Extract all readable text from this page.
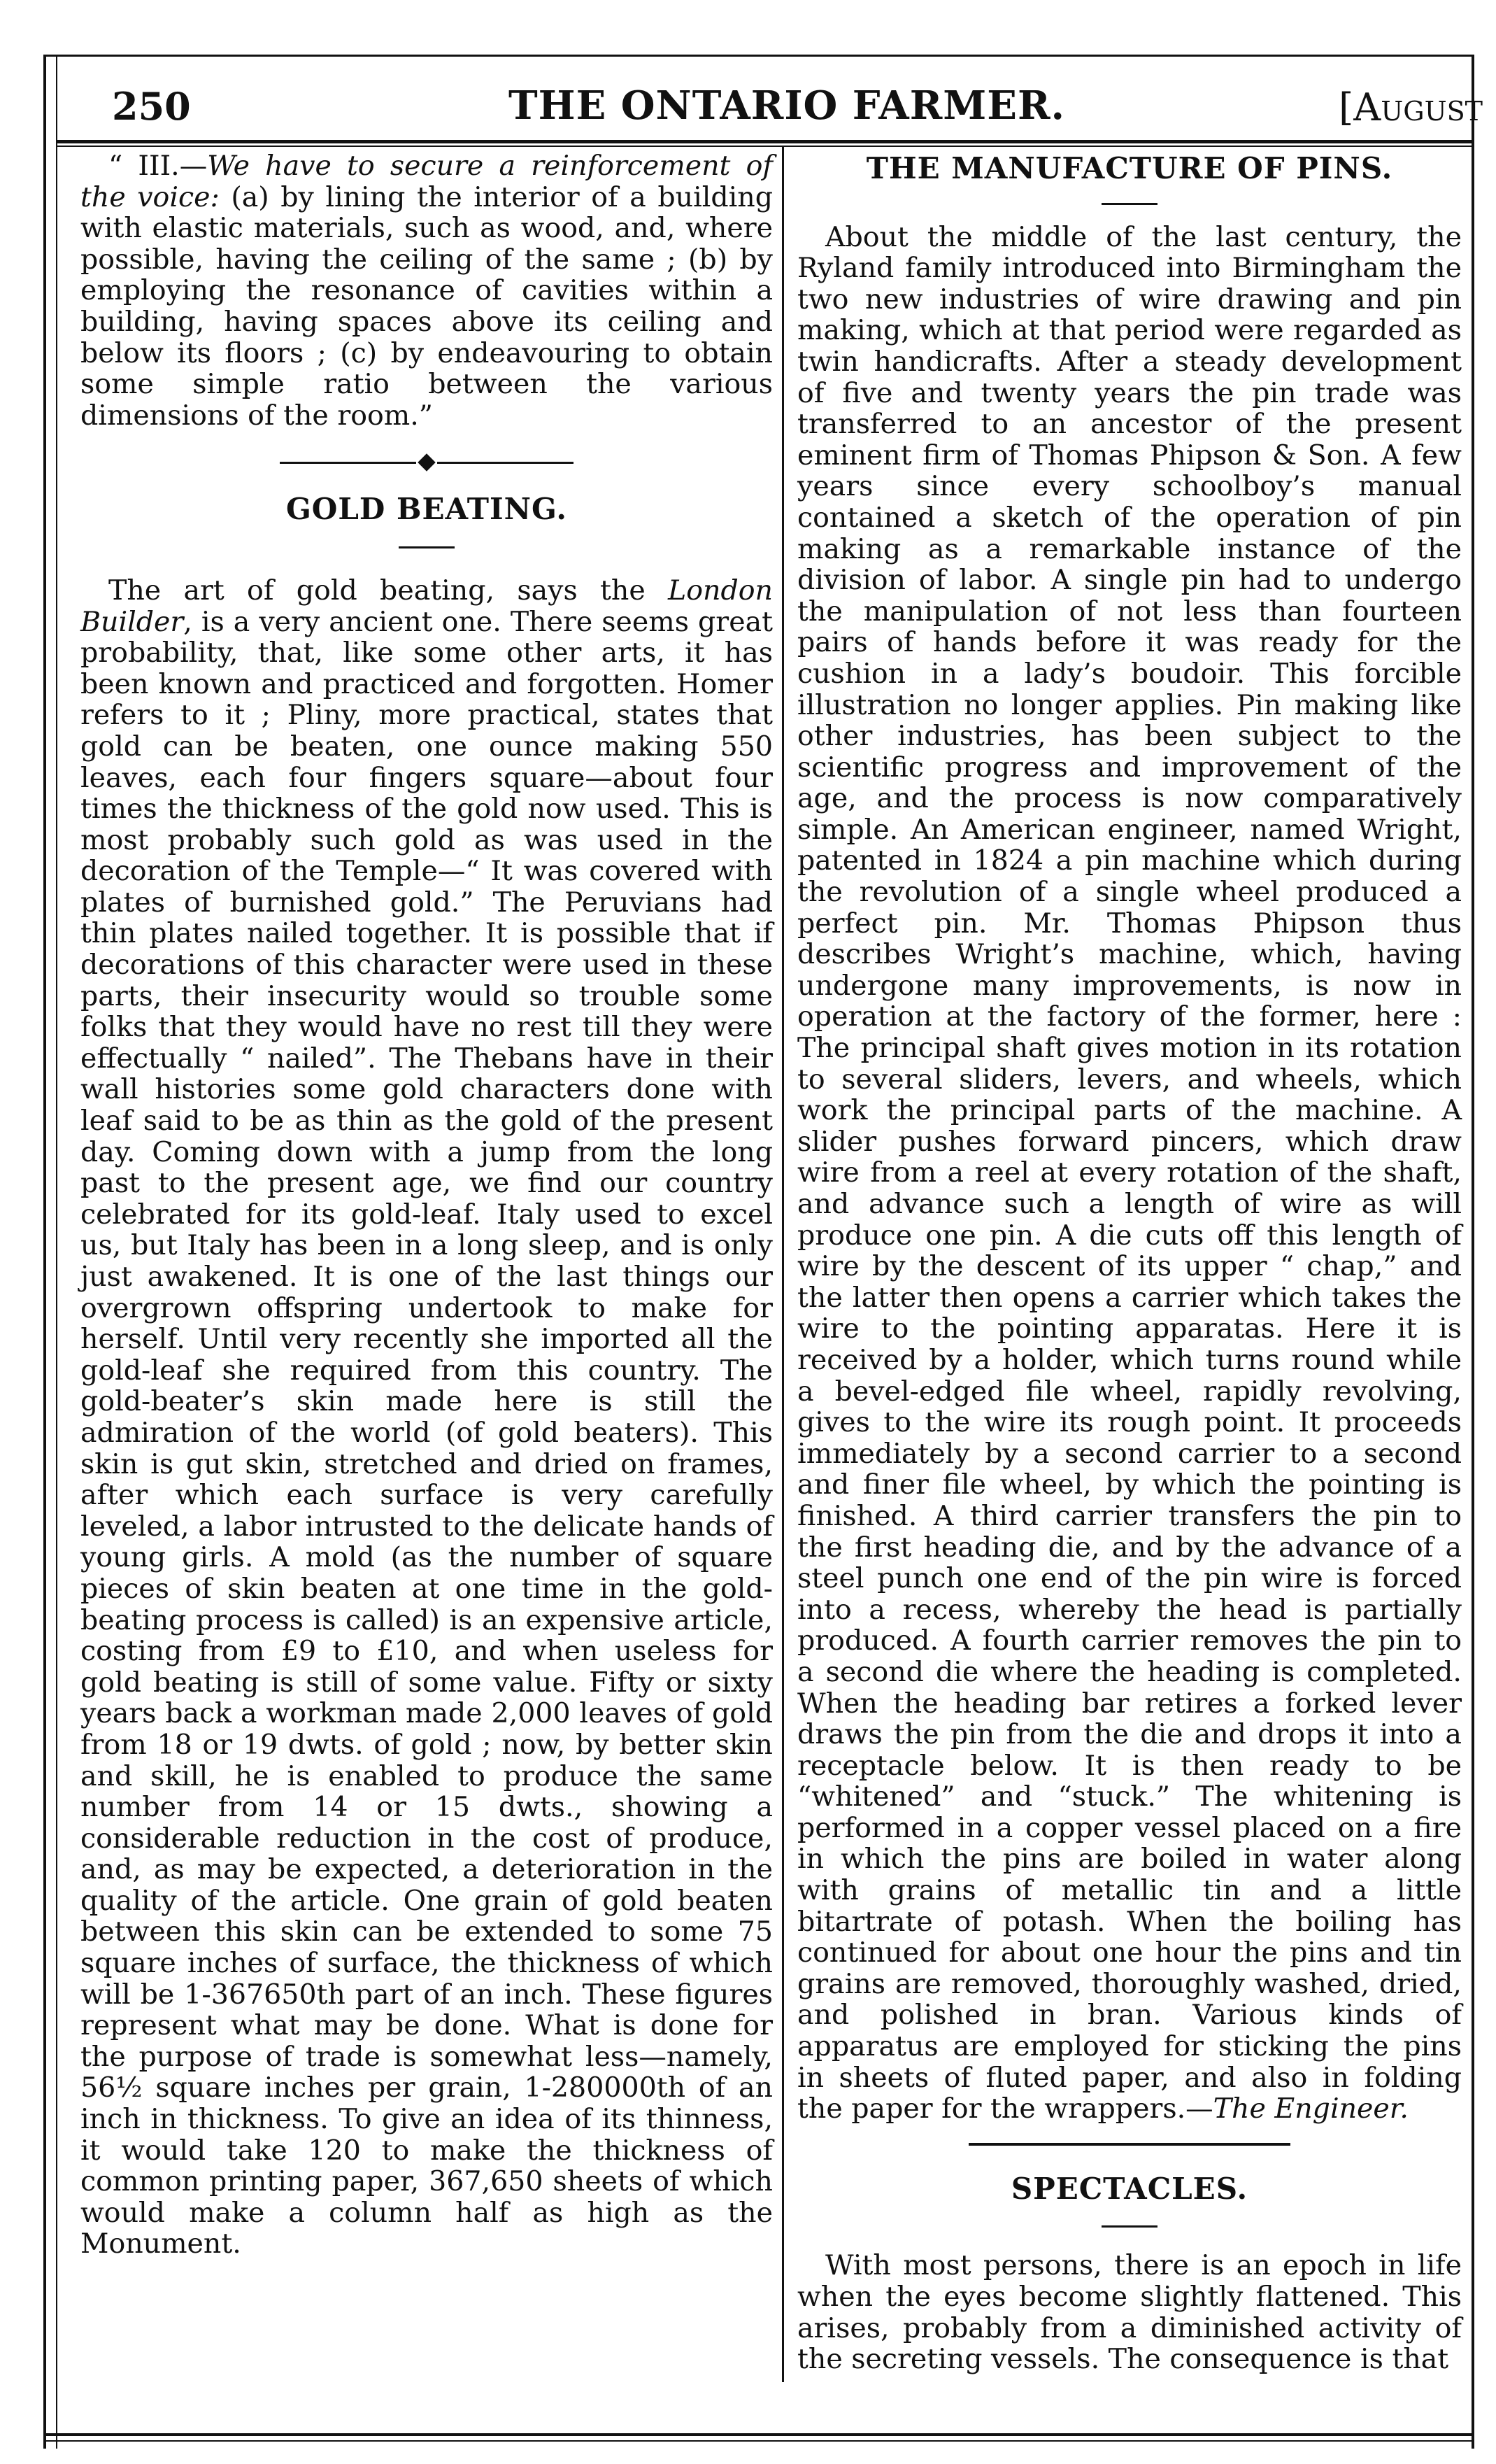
250	THE ONTARIO FARMER.	[August

“ III.—We have to secure a reinforcement of the voice: (a) by lining the interior of a building with elastic materials, such as wood, and, where possible, having the ceiling of the same ; (b) by employing the resonance of cavities within a building, having spaces above its ceiling and below its floors ; (c) by endeavouring to obtain some simple ratio between the various dimensions of the room.”

GOLD BEATING.

The art of gold beating, says the London Builder, is a very ancient one. There seems great probability, that, like some other arts, it has been known and practiced and forgotten. Homer refers to it ; Pliny, more practical, states that gold can be beaten, one ounce making 550 leaves, each four fingers square—about four times the thickness of the gold now used. This is most probably such gold as was used in the decoration of the Temple—“ It was covered with plates of burnished gold.” The Peruvians had thin plates nailed together. It is possible that if decorations of this character were used in these parts, their insecurity would so trouble some folks that they would have no rest till they were effectually “ nailed”. The Thebans have in their wall histories some gold characters done with leaf said to be as thin as the gold of the present day. Coming down with a jump from the long past to the present age, we find our country celebrated for its gold-leaf. Italy used to excel us, but Italy has been in a long sleep, and is only just awakened. It is one of the last things our overgrown offspring undertook to make for herself. Until very recently she imported all the gold-leaf she required from this country. The gold-beater’s skin made here is still the admiration of the world (of gold beaters). This skin is gut skin, stretched and dried on frames, after which each surface is very carefully leveled, a labor intrusted to the delicate hands of young girls. A mold (as the number of square pieces of skin beaten at one time in the gold-beating process is called) is an expensive article, costing from £9 to £10, and when useless for gold beating is still of some value. Fifty or sixty years back a workman made 2,000 leaves of gold from 18 or 19 dwts. of gold ; now, by better skin and skill, he is enabled to produce the same number from 14 or 15 dwts., showing a considerable reduction in the cost of produce, and, as may be expected, a deterioration in the quality of the article. One grain of gold beaten between this skin can be extended to some 75 square inches of surface, the thickness of which will be 1-367650th part of an inch. These figures represent what may be done. What is done for the purpose of trade is somewhat less—namely, 56½ square inches per grain, 1-280000th of an inch in thickness. To give an idea of its thinness, it would take 120 to make the thickness of common printing paper, 367,650 sheets of which would make a column half as high as the Monument.

THE MANUFACTURE OF PINS.

About the middle of the last century, the Ryland family introduced into Birmingham the two new industries of wire drawing and pin making, which at that period were regarded as twin handicrafts. After a steady development of five and twenty years the pin trade was transferred to an ancestor of the present eminent firm of Thomas Phipson & Son. A few years since every schoolboy’s manual contained a sketch of the operation of pin making as a remarkable instance of the division of labor. A single pin had to undergo the manipulation of not less than fourteen pairs of hands before it was ready for the cushion in a lady’s boudoir. This forcible illustration no longer applies. Pin making like other industries, has been subject to the scientific progress and improvement of the age, and the process is now comparatively simple. An American engineer, named Wright, patented in 1824 a pin machine which during the revolution of a single wheel produced a perfect pin. Mr. Thomas Phipson thus describes Wright’s machine, which, having undergone many improvements, is now in operation at the factory of the former, here : The principal shaft gives motion in its rotation to several sliders, levers, and wheels, which work the principal parts of the machine. A slider pushes forward pincers, which draw wire from a reel at every rotation of the shaft, and advance such a length of wire as will produce one pin. A die cuts off this length of wire by the descent of its upper “ chap,” and the latter then opens a carrier which takes the wire to the pointing apparatas. Here it is received by a holder, which turns round while a bevel-edged file wheel, rapidly revolving, gives to the wire its rough point. It proceeds immediately by a second carrier to a second and finer file wheel, by which the pointing is finished. A third carrier transfers the pin to the first heading die, and by the advance of a steel punch one end of the pin wire is forced into a recess, whereby the head is partially produced. A fourth carrier removes the pin to a second die where the heading is completed. When the heading bar retires a forked lever draws the pin from the die and drops it into a receptacle below. It is then ready to be “whitened” and “stuck.” The whitening is performed in a copper vessel placed on a fire in which the pins are boiled in water along with grains of metallic tin and a little bitartrate of potash. When the boiling has continued for about one hour the pins and tin grains are removed, thoroughly washed, dried, and polished in bran. Various kinds of apparatus are employed for sticking the pins in sheets of fluted paper, and also in folding the paper for the wrappers.—The Engineer.

SPECTACLES.

With most persons, there is an epoch in life when the eyes become slightly flattened. This arises, probably from a diminished activity of the secreting vessels. The consequence is that
